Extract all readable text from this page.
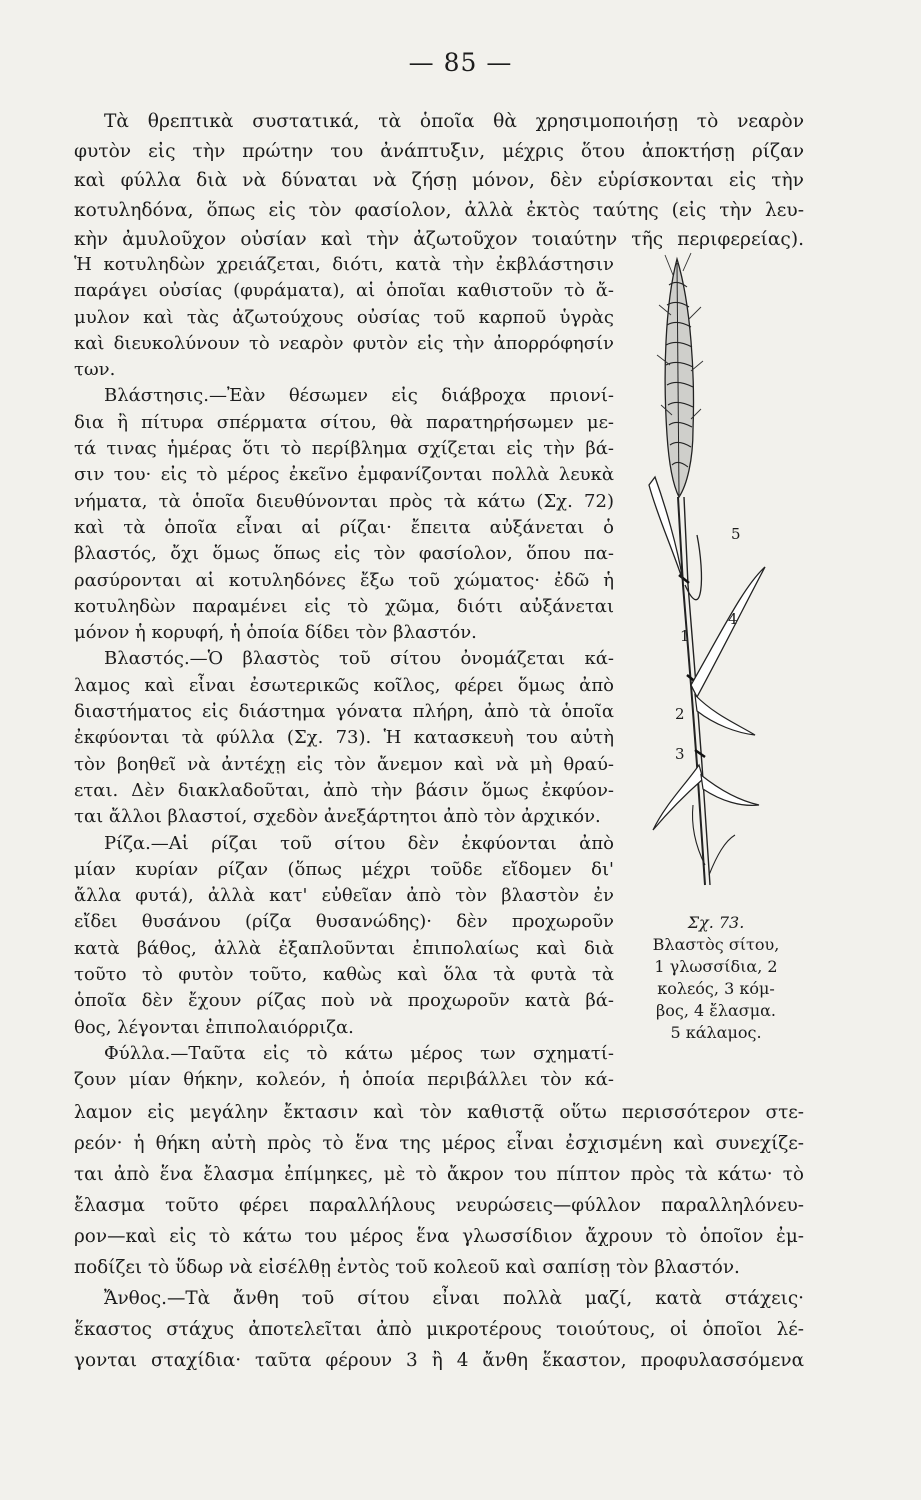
— 85 —
Τὰ θρεπτικὰ συστατικά, τὰ ὁποῖα θὰ χρησιμοποιήσῃ τὸ νεαρὸν
φυτὸν εἰς τὴν πρώτην του ἀνάπτυξιν, μέχρις ὅτου ἀποκτήσῃ ρίζαν
καὶ φύλλα διὰ νὰ δύναται νὰ ζήσῃ μόνον, δὲν εὑρίσκονται εἰς τὴν
κοτυληδόνα, ὅπως εἰς τὸν φασίολον, ἀλλὰ ἐκτὸς ταύτης (εἰς τὴν λευ-
κὴν ἀμυλοῦχον οὐσίαν καὶ τὴν ἀζωτοῦχον τοιαύτην τῆς περιφερείας).
Ἡ κοτυληδὼν χρειάζεται, διότι, κατὰ τὴν ἐκβλάστησιν
παράγει οὐσίας (φυράματα), αἱ ὁποῖαι καθιστοῦν τὸ ἄ-
μυλον καὶ τὰς ἀζωτούχους οὐσίας τοῦ καρποῦ ὑγρὰς
καὶ διευκολύνουν τὸ νεαρὸν φυτὸν εἰς τὴν ἀπορρόφησίν
των.
Βλάστησις.—Ἐὰν θέσωμεν εἰς διάβροχα πριονί-
δια ἢ πίτυρα σπέρματα σίτου, θὰ παρατηρήσωμεν με-
τά τινας ἡμέρας ὅτι τὸ περίβλημα σχίζεται εἰς τὴν βά-
σιν του· εἰς τὸ μέρος ἐκεῖνο ἐμφανίζονται πολλὰ λευκὰ
νήματα, τὰ ὁποῖα διευθύνονται πρὸς τὰ κάτω (Σχ. 72)
καὶ τὰ ὁποῖα εἶναι αἱ ρίζαι· ἔπειτα αὐξάνεται ὁ
βλαστός, ὄχι ὅμως ὅπως εἰς τὸν φασίολον, ὅπου πα-
ρασύρονται αἱ κοτυληδόνες ἔξω τοῦ χώματος· ἐδῶ ἡ
κοτυληδὼν παραμένει εἰς τὸ χῶμα, διότι αὐξάνεται
μόνον ἡ κορυφή, ἡ ὁποία δίδει τὸν βλαστόν.
Βλαστός.—Ὁ βλαστὸς τοῦ σίτου ὀνομάζεται κά-
λαμος καὶ εἶναι ἐσωτερικῶς κοῖλος, φέρει ὅμως ἀπὸ
διαστήματος εἰς διάστημα γόνατα πλήρη, ἀπὸ τὰ ὁποῖα
ἐκφύονται τὰ φύλλα (Σχ. 73). Ἡ κατασκευὴ του αὐτὴ
τὸν βοηθεῖ νὰ ἀντέχῃ εἰς τὸν ἄνεμον καὶ νὰ μὴ θραύ-
εται. Δὲν διακλαδοῦται, ἀπὸ τὴν βάσιν ὅμως ἐκφύον-
ται ἄλλοι βλαστοί, σχεδὸν ἀνεξάρτητοι ἀπὸ τὸν ἀρχικόν.
Ρίζα.—Αἱ ρίζαι τοῦ σίτου δὲν ἐκφύονται ἀπὸ
μίαν κυρίαν ρίζαν (ὅπως μέχρι τοῦδε εἴδομεν δι'
ἄλλα φυτά), ἀλλὰ κατ' εὐθεῖαν ἀπὸ τὸν βλαστὸν ἐν
εἴδει θυσάνου (ρίζα θυσανώδης)· δὲν προχωροῦν
κατὰ βάθος, ἀλλὰ ἐξαπλοῦνται ἐπιπολαίως καὶ διὰ
τοῦτο τὸ φυτὸν τοῦτο, καθὼς καὶ ὅλα τὰ φυτὰ τὰ
ὁποῖα δὲν ἔχουν ρίζας ποὺ νὰ προχωροῦν κατὰ βά-
θος, λέγονται ἐπιπολαιόρριζα.
Φύλλα.—Ταῦτα εἰς τὸ κάτω μέρος των σχηματί-
ζουν μίαν θήκην, κολεόν, ἡ ὁποία περιβάλλει τὸν κά-
5
4
1
2
3
Σχ. 73.
Βλαστὸς σίτου,
1 γλωσσίδια, 2
κολεός, 3 κόμ-
βος, 4 ἔλασμα.
5 κάλαμος.
λαμον εἰς μεγάλην ἔκτασιν καὶ τὸν καθιστᾷ οὕτω περισσότερον στε-
ρεόν· ἡ θήκη αὐτὴ πρὸς τὸ ἕνα της μέρος εἶναι ἐσχισμένη καὶ συνεχίζε-
ται ἀπὸ ἕνα ἔλασμα ἐπίμηκες, μὲ τὸ ἄκρον του πίπτον πρὸς τὰ κάτω· τὸ
ἔλασμα τοῦτο φέρει παραλλήλους νευρώσεις—φύλλον παραλληλόνευ-
ρον—καὶ εἰς τὸ κάτω του μέρος ἕνα γλωσσίδιον ἄχρουν τὸ ὁποῖον ἐμ-
ποδίζει τὸ ὕδωρ νὰ εἰσέλθῃ ἐντὸς τοῦ κολεοῦ καὶ σαπίσῃ τὸν βλαστόν.
Ἄνθος.—Τὰ ἄνθη τοῦ σίτου εἶναι πολλὰ μαζί, κατὰ στάχεις·
ἕκαστος στάχυς ἀποτελεῖται ἀπὸ μικροτέρους τοιούτους, οἱ ὁποῖοι λέ-
γονται σταχίδια· ταῦτα φέρουν 3 ἢ 4 ἄνθη ἕκαστον, προφυλασσόμενα
